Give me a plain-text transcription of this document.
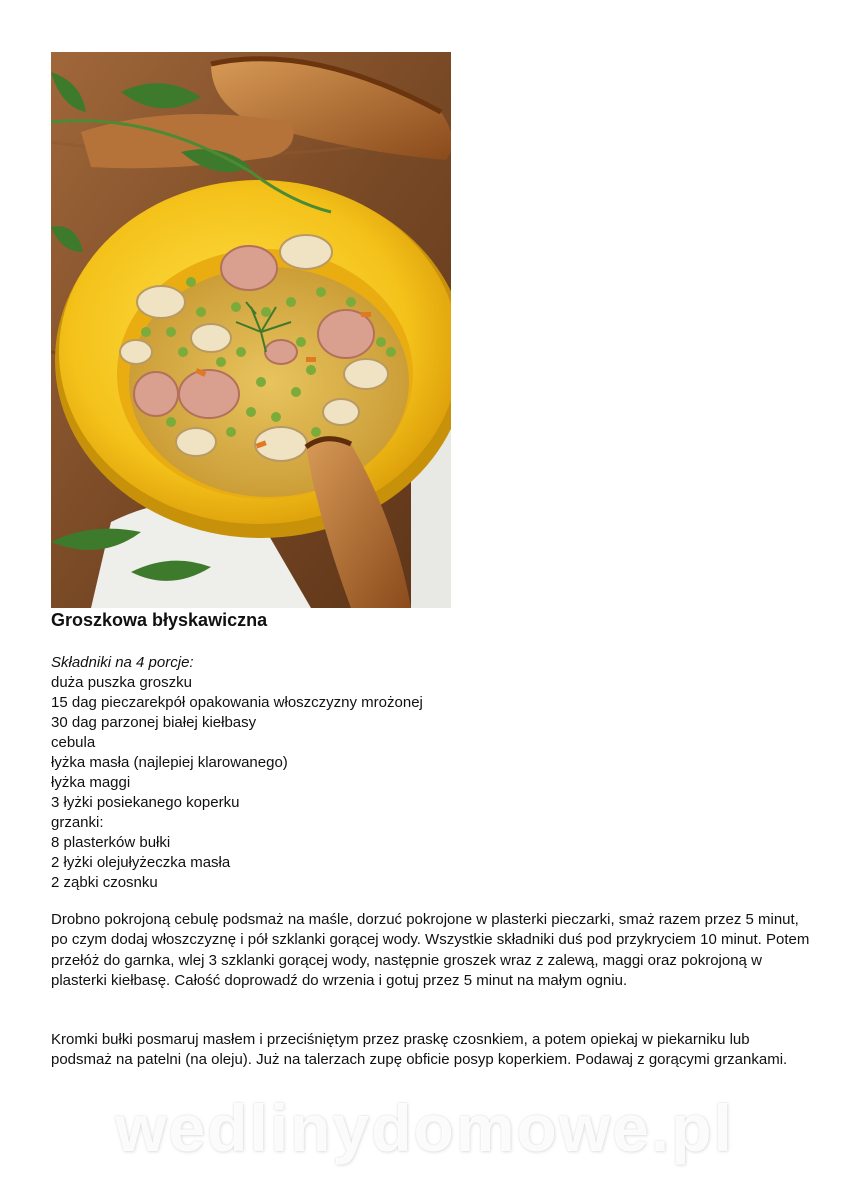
Groszkowa błyskawiczna
Składniki na 4 porcje:
duża puszka groszku
15 dag pieczarekpół opakowania włoszczyzny mrożonej
30 dag parzonej białej kiełbasy
cebula
łyżka masła (najlepiej klarowanego)
łyżka maggi
3 łyżki posiekanego koperku
grzanki:
8 plasterków bułki
2 łyżki olejułyżeczka masła
2 ząbki czosnku

Drobno pokrojoną cebulę podsmaż na maśle, dorzuć pokrojone w plasterki pieczarki, smaż razem przez 5 minut, po czym dodaj włoszczyznę i pół szklanki gorącej wody. Wszystkie składniki duś pod przykryciem 10 minut. Potem przełóż do garnka, wlej 3 szklanki gorącej wody, następnie groszek wraz z zalewą, maggi oraz pokrojoną w plasterki kiełbasę. Całość doprowadź do wrzenia i gotuj przez 5 minut na małym ogniu.

Kromki bułki posmaruj masłem i przeciśniętym przez praskę czosnkiem, a potem opiekaj w piekarniku lub podsmaż na patelni (na oleju). Już na talerzach zupę obficie posyp koperkiem. Podawaj z gorącymi grzankami.

wedlinydomowe.pl
